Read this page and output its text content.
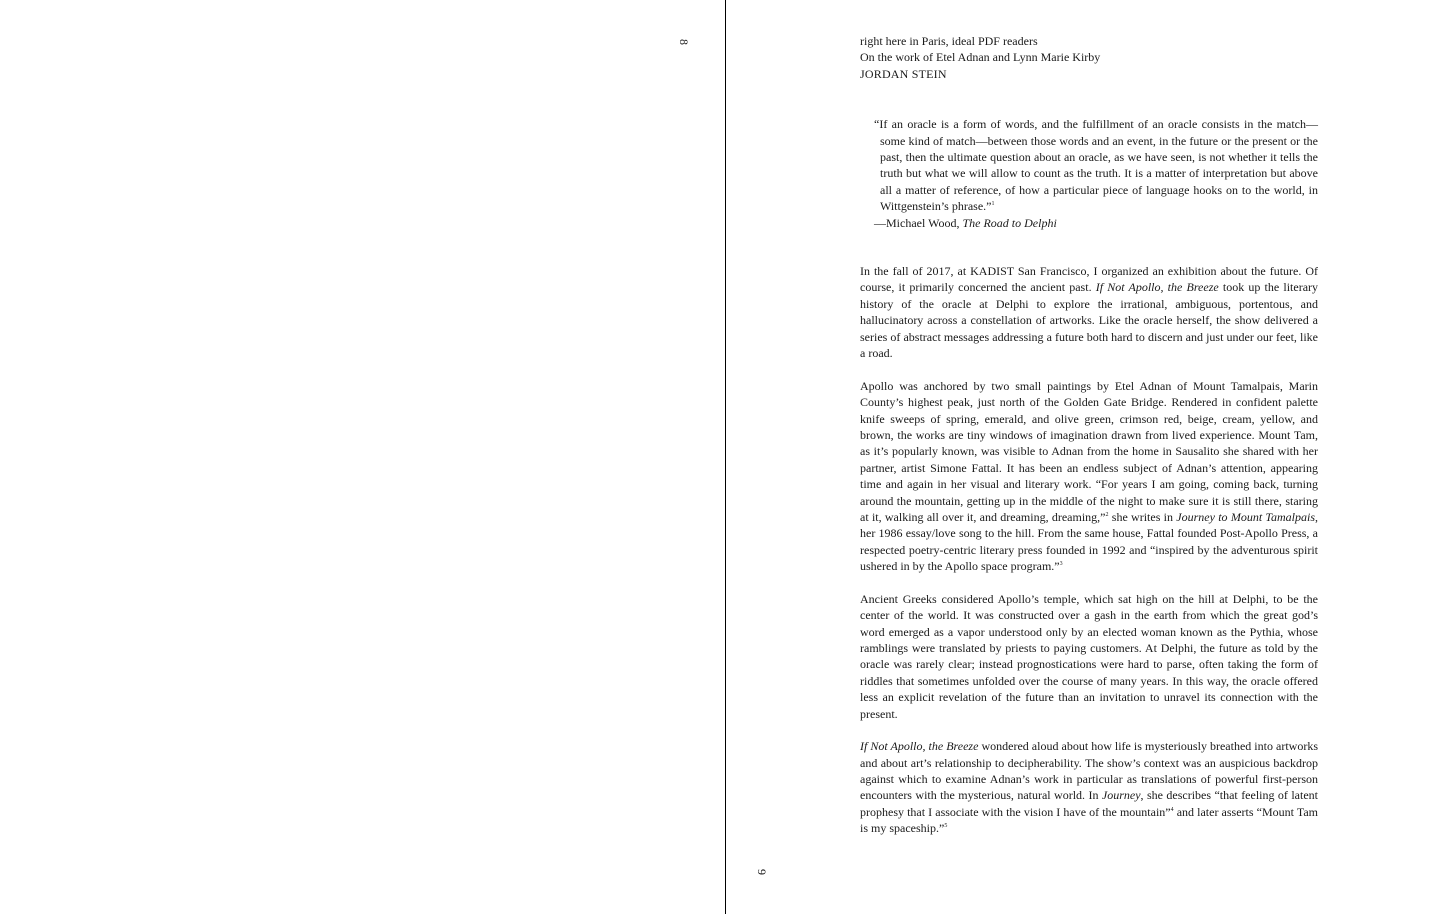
8	right here in Paris, ideal PDF readers

On the work of Etel Adnan and Lynn Marie Kirby

JORDAN STEIN

“If an oracle is a form of words, and the fulfillment of an oracle consists in the match—some kind of match—between those words and an event, in the future or the present or the past, then the ultimate question about an oracle, as we have seen, is not whether it tells the truth but what we will allow to count as the truth. It is a matter of interpretation but above all a matter of reference, of how a particular piece of language hooks on to the world, in Wittgenstein’s phrase.”$^1$

—Michael Wood, The Road to Delphi

In the fall of 2017, at KADIST San Francisco, I organized an exhibition about the future. Of course, it primarily concerned the ancient past. If Not Apollo, the Breeze took up the literary history of the oracle at Delphi to explore the irrational, ambiguous, portentous, and hallucinatory across a constellation of artworks. Like the oracle herself, the show delivered a series of abstract messages addressing a future both hard to discern and just under our feet, like a road.

Apollo was anchored by two small paintings by Etel Adnan of Mount Tamalpais, Marin County’s highest peak, just north of the Golden Gate Bridge. Rendered in confident palette knife sweeps of spring, emerald, and olive green, crimson red, beige, cream, yellow, and brown, the works are tiny windows of imagination drawn from lived experience. Mount Tam, as it’s popularly known, was visible to Adnan from the home in Sausalito she shared with her partner, artist Simone Fattal. It has been an endless subject of Adnan’s attention, appearing time and again in her visual and literary work. “For years I am going, coming back, turning around the mountain, getting up in the middle of the night to make sure it is still there, staring at it, walking all over it, and dreaming, dreaming,”$^2$ she writes in Journey to Mount Tamalpais, her 1986 essay/love song to the hill. From the same house, Fattal founded Post-Apollo Press, a respected poetry-centric literary press founded in 1992 and “inspired by the adventurous spirit ushered in by the Apollo space program.”$^3$

Ancient Greeks considered Apollo’s temple, which sat high on the hill at Delphi, to be the center of the world. It was constructed over a gash in the earth from which the great god’s word emerged as a vapor understood only by an elected woman known as the Pythia, whose ramblings were translated by priests to paying customers. At Delphi, the future as told by the oracle was rarely clear; instead prognostications were hard to parse, often taking the form of riddles that sometimes unfolded over the course of many years. In this way, the oracle offered less an explicit revelation of the future than an invitation to unravel its connection with the present.

If Not Apollo, the Breeze wondered aloud about how life is mysteriously breathed into artworks and about art’s relationship to decipherability. The show’s context was an auspicious backdrop against which to examine Adnan’s work in particular as translations of powerful first-person encounters with the mysterious, natural world. In Journey, she describes “that feeling of latent prophesy that I associate with the vision I have of the mountain”$^4$ and later asserts “Mount Tam is my spaceship.”$^5$

9
